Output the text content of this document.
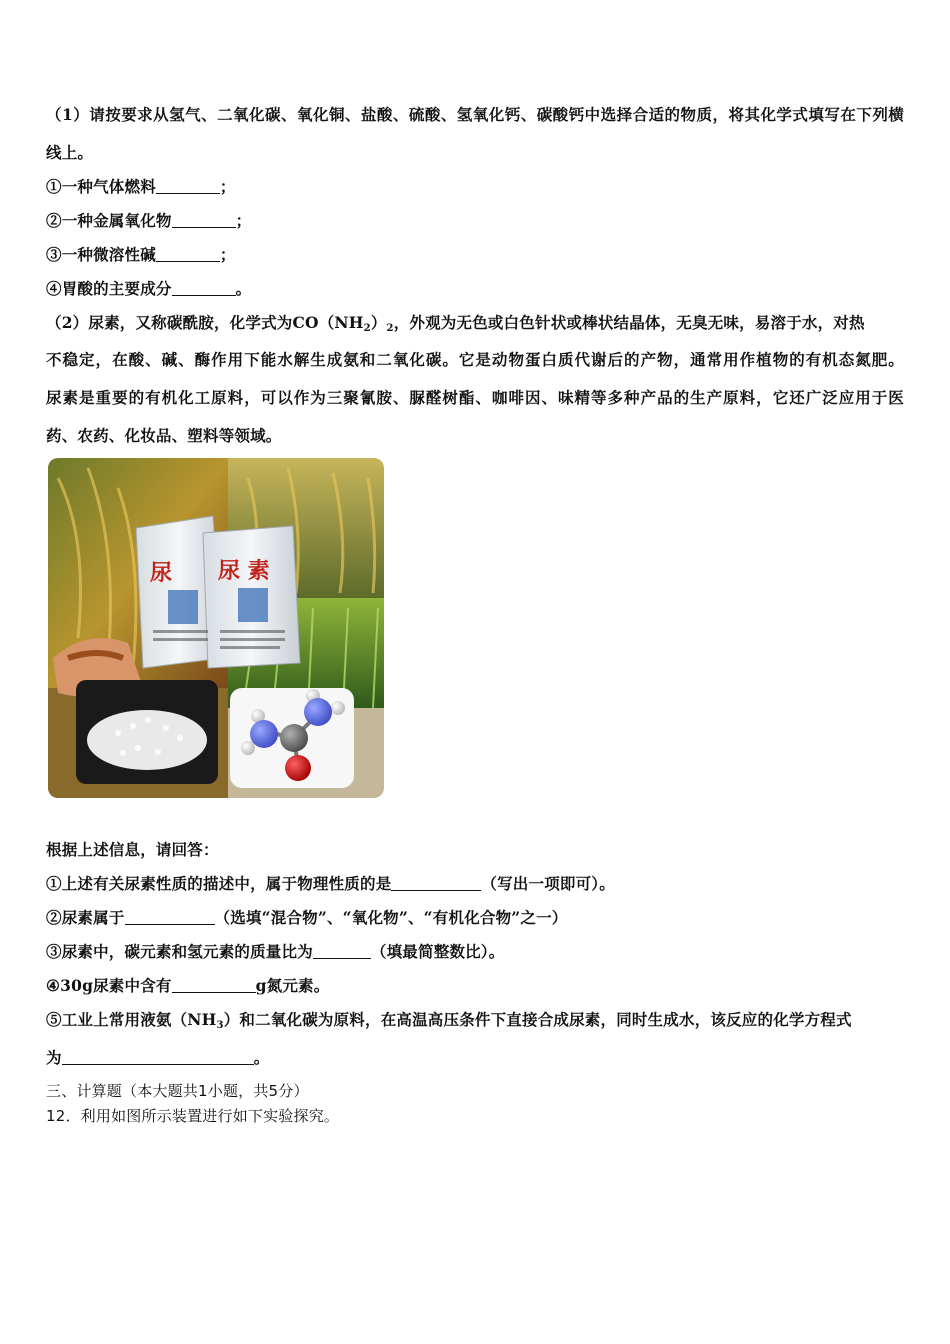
（1）请按要求从氢气、二氧化碳、氧化铜、盐酸、硫酸、氢氧化钙、碳酸钙中选择合适的物质，将其化学式填写在下列横
线上。
①一种气体燃料	；
②一种金属氧化物	；
③一种微溶性碱	；
④胃酸的主要成分	。
（2）尿素，又称碳酰胺，化学式为$CO(NH_2)_2$，外观为无色或白色针状或棒状结晶体，无臭无味，易溶于水，对热
不稳定，在酸、碱、酶作用下能水解生成氨和二氧化碳。它是动物蛋白质代谢后的产物，通常用作植物的有机态氮肥。
尿素是重要的有机化工原料，可以作为三聚氰胺、脲醛树酯、咖啡因、味精等多种产品的生产原料，它还广泛应用于医
药、农药、化妆品、塑料等领域。
尿 尿 素
根据上述信息，请回答：
①上述有关尿素性质的描述中，属于物理性质的是	（写出一项即可）。
②尿素属于	（选填“混合物”、“氧化物”、“有机化合物”之一）
③尿素中，碳元素和氢元素的质量比为	（填最简整数比）。
④30g尿素中含有	g氮元素。
⑤工业上常用液氨$(NH_3)$和二氧化碳为原料，在高温高压条件下直接合成尿素，同时生成水，该反应的化学方程式
为	。
三、计算题（本大题共1小题，共5分）
12．利用如图所示装置进行如下实验探究。
